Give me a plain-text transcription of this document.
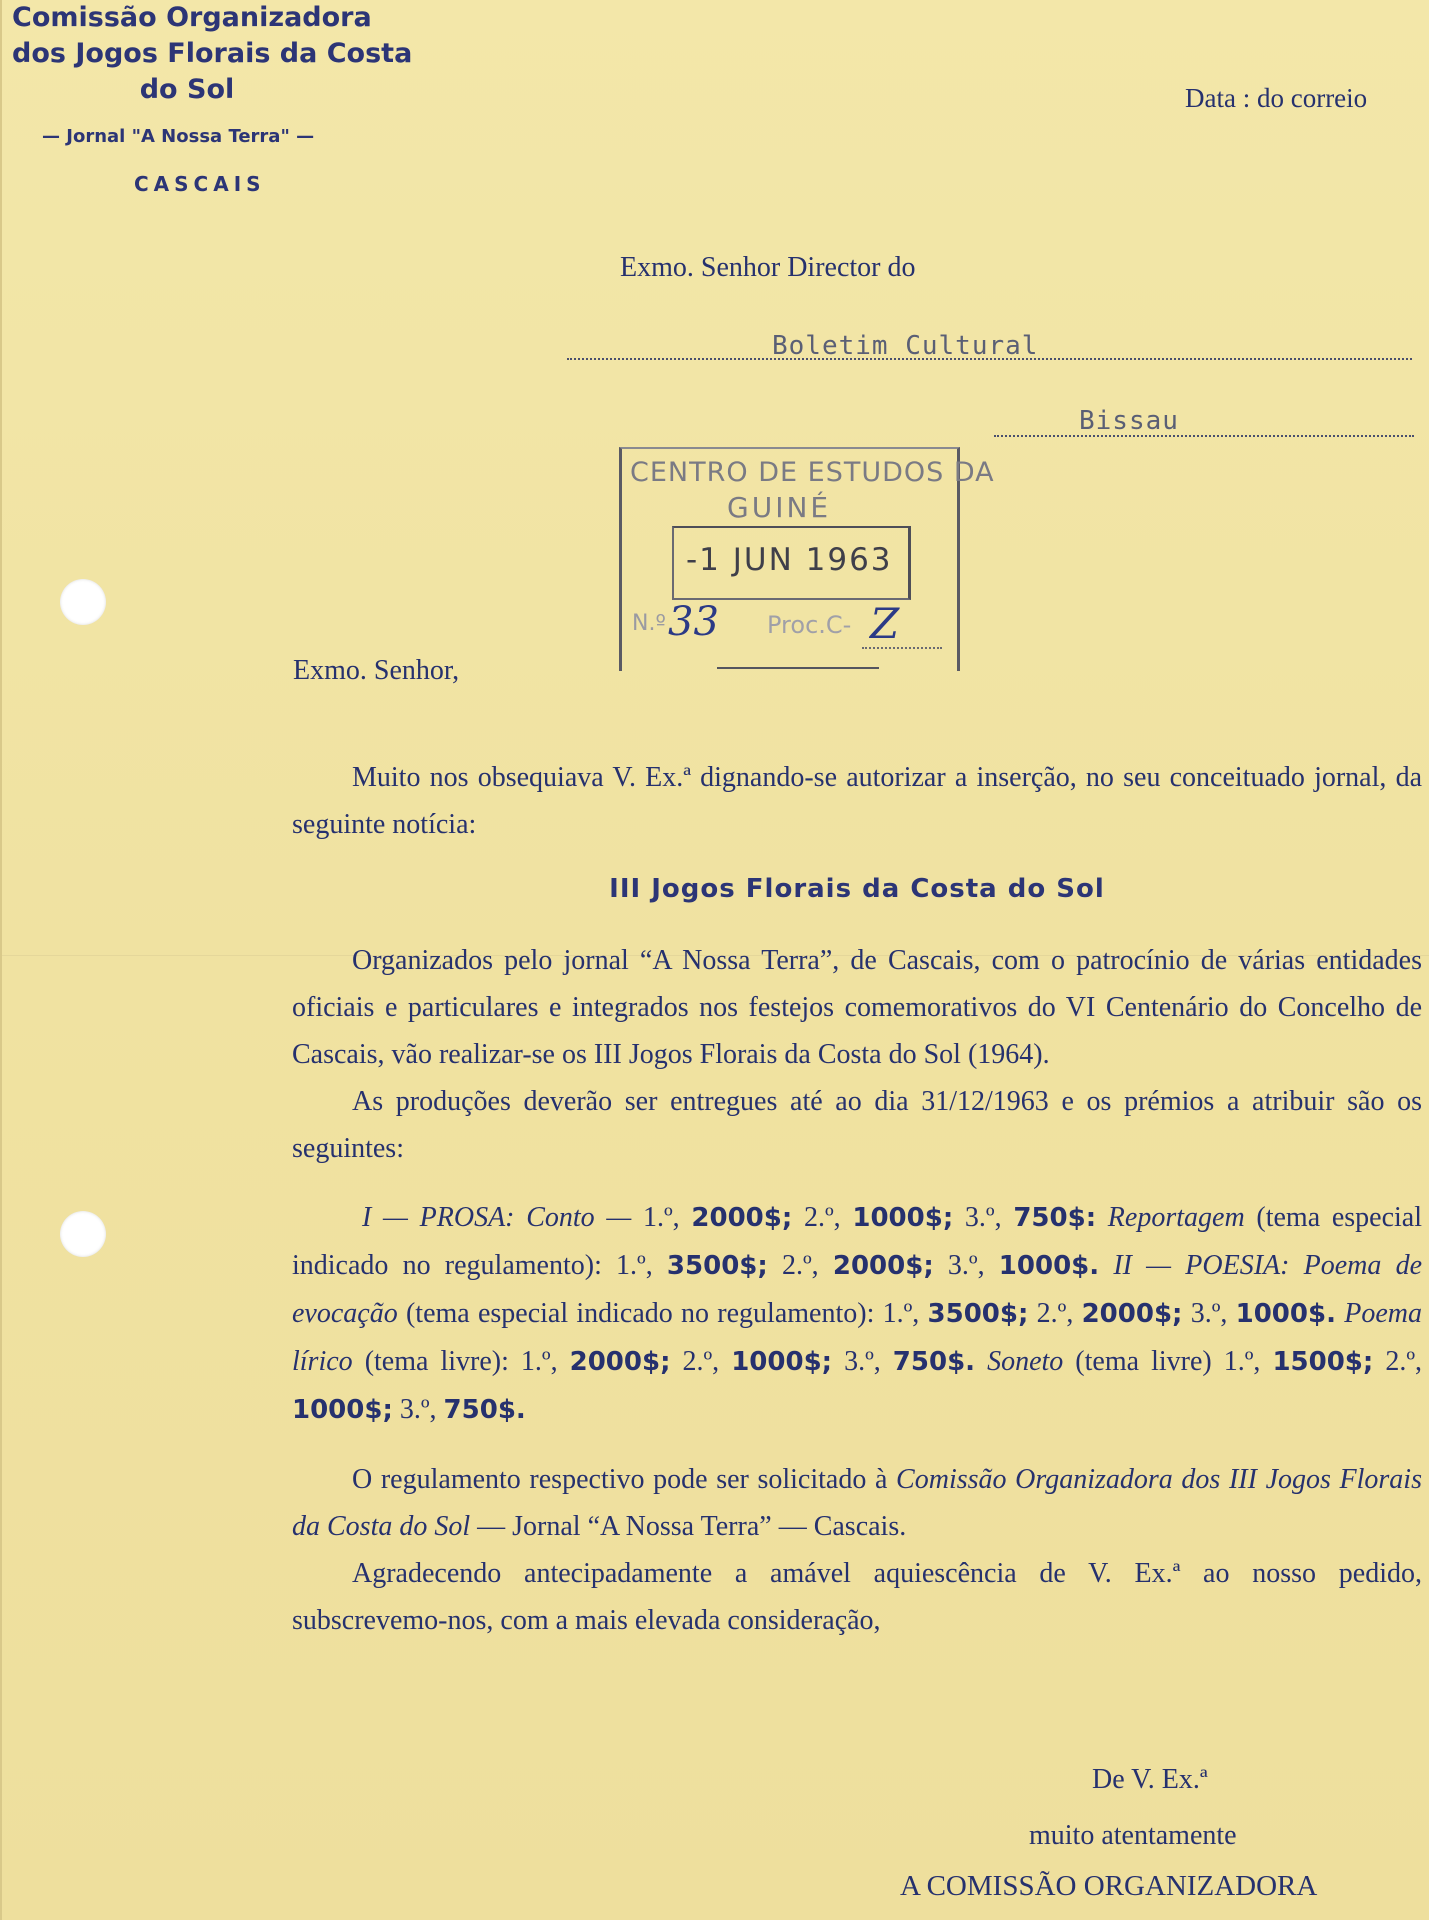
Comissão Organizadora
dos Jogos Florais da Costa
do Sol
— Jornal "A Nossa Terra" —
CASCAIS
Data : do correio
Exmo. Senhor Director do
Boletim Cultural
Bissau
CENTRO DE ESTUDOS DA
GUINÉ
-1 JUN 1963
N.º 33 Proc.C- Z
Exmo. Senhor,

Muito nos obsequiava V. Ex.ª dignando-se autorizar a inserção, no seu conceituado jornal, da seguinte notícia:

III Jogos Florais da Costa do Sol

Organizados pelo jornal “A Nossa Terra”, de Cascais, com o patrocínio de várias entidades oficiais e particulares e integrados nos festejos comemorativos do VI Centenário do Concelho de Cascais, vão realizar-se os III Jogos Florais da Costa do Sol (1964).

As produções deverão ser entregues até ao dia 31/12/1963 e os prémios a atribuir são os seguintes:

I — PROSA: Conto — 1.º, 2000$; 2.º, 1000$; 3.º, 750$: Reportagem (tema especial indicado no regulamento): 1.º, 3500$; 2.º, 2000$; 3.º, 1000$. II — POESIA: Poema de evocação (tema especial indicado no regulamento): 1.º, 3500$; 2.º, 2000$; 3.º, 1000$. Poema lírico (tema livre): 1.º, 2000$; 2.º, 1000$; 3.º, 750$. Soneto (tema livre) 1.º, 1500$; 2.º, 1000$; 3.º, 750$.

O regulamento respectivo pode ser solicitado à Comissão Organizadora dos III Jogos Florais da Costa do Sol — Jornal “A Nossa Terra” — Cascais.

Agradecendo antecipadamente a amável aquiescência de V. Ex.ª ao nosso pedido, subscrevemo-nos, com a mais elevada consideração,

De V. Ex.ª
muito atentamente
A COMISSÃO ORGANIZADORA
